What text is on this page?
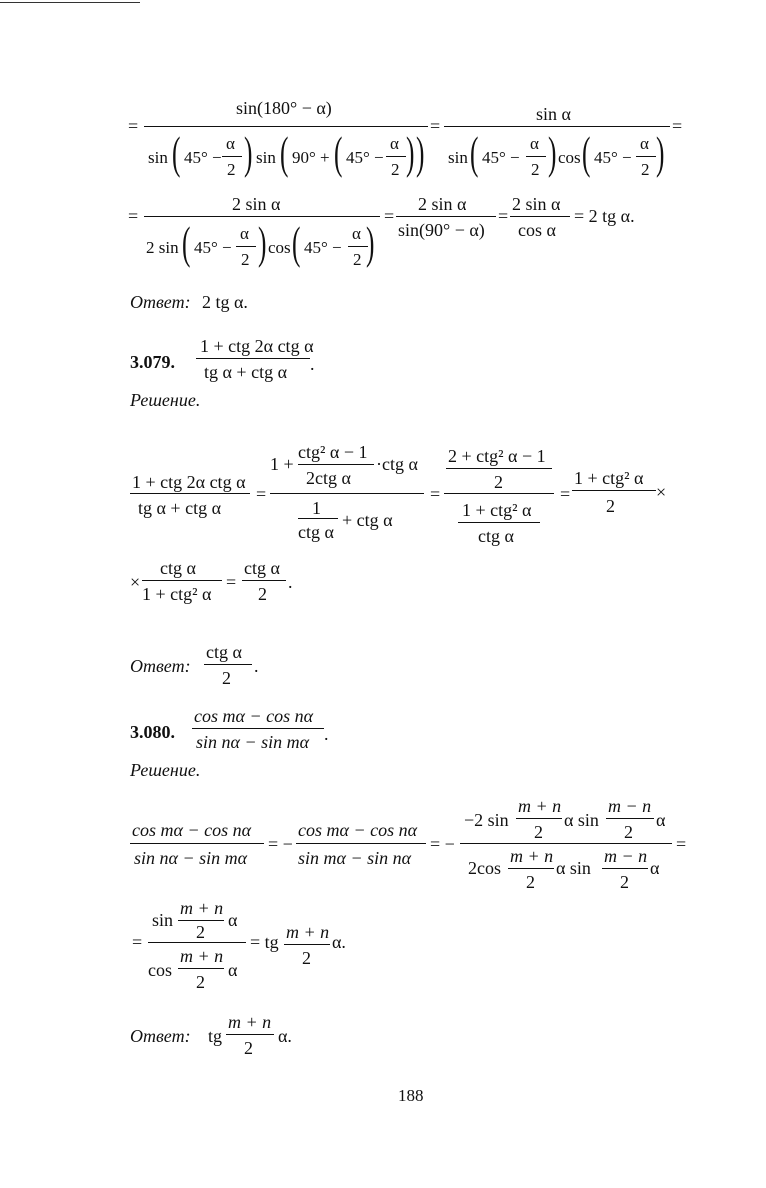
=
sin(180° − α)
sin ( 45° −
α
2 ) sin ( 90° + ( 45° −
α
2 ) )
=
sin α
sin ( 45° −
α
2 ) cos ( 45° −
α
2 )
=
=
2 sin α
2 sin ( 45° −
α
2 ) cos ( 45° −
α
2 )
=
2 sin α
sin(90° − α)
=
2 sin α
cos α
= 2 tg α.
Ответ: 2 tg α.
3.079.
1 + ctg 2α ctg α
tg α + ctg α .
Решение.
1 + ctg 2α ctg α
tg α + ctg α
=
1 +
ctg² α − 1
2ctg α
·ctg α
1
ctg α
+ ctg α
=
2 + ctg² α − 1
2
1 + ctg² α
ctg α
=
1 + ctg² α
2
×
×
ctg α
1 + ctg² α
=
ctg α
2
.
Ответ:
ctg α
2
.
3.080.
cos mα − cos nα
sin nα − sin mα .
Решение.
cos mα − cos nα
sin nα − sin mα
= −
cos mα − cos nα
sin mα − sin nα
= −
−2 sin
m + n
2
α sin
m − n
2
α
2cos
m + n
2
α sin
m − n
2
α
=
=
sin
m + n
2
α
cos
m + n
2
α
= tg m + n
2
α.
Ответ: tg
m + n
2
α.
188
